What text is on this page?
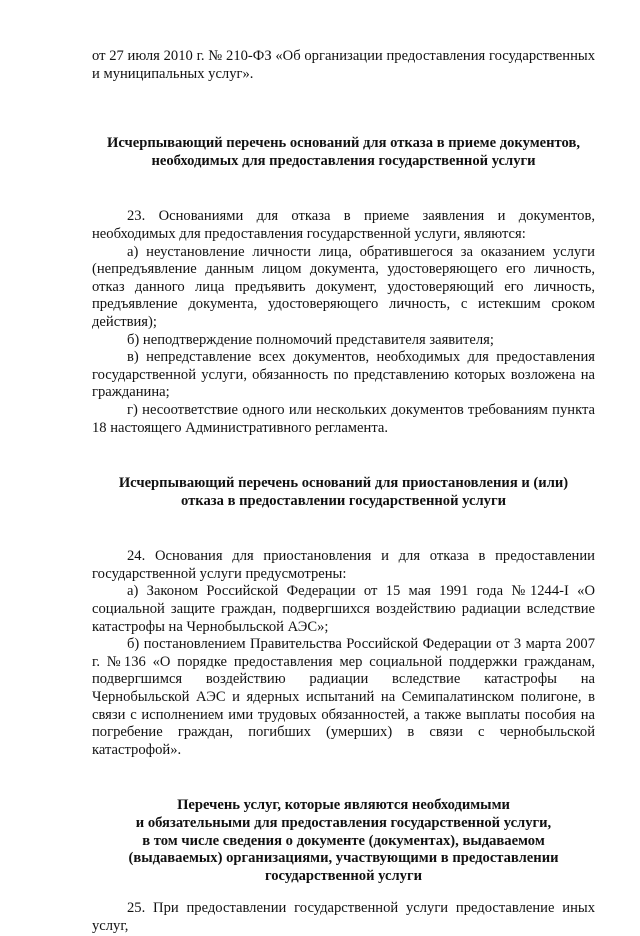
от 27 июля 2010 г. № 210-ФЗ «Об организации предоставления государственных и муниципальных услуг».

Исчерпывающий перечень оснований для отказа в приеме документов,
необходимых для предоставления государственной услуги

23. Основаниями для отказа в приеме заявления и документов, необходимых для предоставления государственной услуги, являются:

а) неустановление личности лица, обратившегося за оказанием услуги (непредъявление данным лицом документа, удостоверяющего его личность, отказ данного лица предъявить документ, удостоверяющий его личность, предъявление документа, удостоверяющего личность, с истекшим сроком действия);

б) неподтверждение полномочий представителя заявителя;

в) непредставление всех документов, необходимых для предоставления государственной услуги, обязанность по представлению которых возложена на гражданина;

г) несоответствие одного или нескольких документов требованиям пункта 18 настоящего Административного регламента.

Исчерпывающий перечень оснований для приостановления и (или)
отказа в предоставлении государственной услуги

24. Основания для приостановления и для отказа в предоставлении государственной услуги предусмотрены:

а) Законом Российской Федерации от 15 мая 1991 года №1244-I «О социальной защите граждан, подвергшихся воздействию радиации вследствие катастрофы на Чернобыльской АЭС»;

б) постановлением Правительства Российской Федерации от 3 марта 2007 г. №136 «О порядке предоставления мер социальной поддержки гражданам, подвергшимся воздействию радиации вследствие катастрофы на Чернобыльской АЭС и ядерных испытаний на Семипалатинском полигоне, в связи с исполнением ими трудовых обязанностей, а также выплаты пособия на погребение граждан, погибших (умерших) в связи с чернобыльской катастрофой».

Перечень услуг, которые являются необходимыми
и обязательными для предоставления государственной услуги,
в том числе сведения о документе (документах), выдаваемом
(выдаваемых) организациями, участвующими в предоставлении
государственной услуги

25. При предоставлении государственной услуги предоставление иных услуг,
